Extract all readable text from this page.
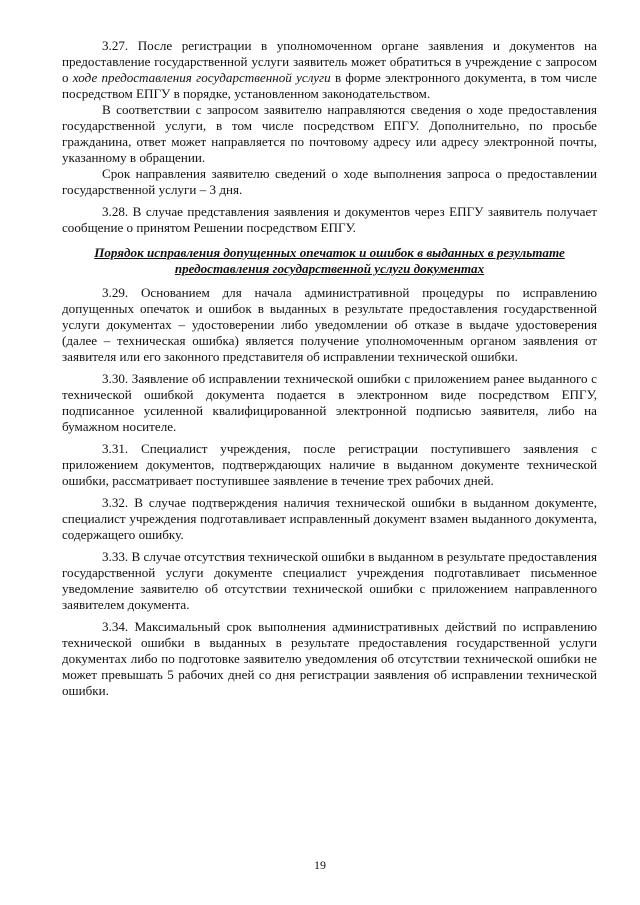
3.27. После регистрации в уполномоченном органе заявления и документов на предоставление государственной услуги заявитель может обратиться в учреждение с запросом о ходе предоставления государственной услуги в форме электронного документа, в том числе посредством ЕПГУ в порядке, установленном законодательством.

В соответствии с запросом заявителю направляются сведения о ходе предоставления государственной услуги, в том числе посредством ЕПГУ. Дополнительно, по просьбе гражданина, ответ может направляется по почтовому адресу или адресу электронной почты, указанному в обращении.

Срок направления заявителю сведений о ходе выполнения запроса о предоставлении государственной услуги – 3 дня.

3.28. В случае представления заявления и документов через ЕПГУ заявитель получает сообщение о принятом Решении посредством ЕПГУ.

Порядок исправления допущенных опечаток и ошибок в выданных в результате предоставления государственной услуги документах

3.29. Основанием для начала административной процедуры по исправлению допущенных опечаток и ошибок в выданных в результате предоставления государственной услуги документах – удостоверении либо уведомлении об отказе в выдаче удостоверения (далее – техническая ошибка) является получение уполномоченным органом заявления от заявителя или его законного представителя об исправлении технической ошибки.

3.30. Заявление об исправлении технической ошибки с приложением ранее выданного с технической ошибкой документа подается в электронном виде посредством ЕПГУ, подписанное усиленной квалифицированной электронной подписью заявителя, либо на бумажном носителе.

3.31. Специалист учреждения, после регистрации поступившего заявления с приложением документов, подтверждающих наличие в выданном документе технической ошибки, рассматривает поступившее заявление в течение трех рабочих дней.

3.32. В случае подтверждения наличия технической ошибки в выданном документе, специалист учреждения подготавливает исправленный документ взамен выданного документа, содержащего ошибку.

3.33. В случае отсутствия технической ошибки в выданном в результате предоставления государственной услуги документе специалист учреждения подготавливает письменное уведомление заявителю об отсутствии технической ошибки с приложением направленного заявителем документа.

3.34. Максимальный срок выполнения административных действий по исправлению технической ошибки в выданных в результате предоставления государственной услуги документах либо по подготовке заявителю уведомления об отсутствии технической ошибки не может превышать 5 рабочих дней со дня регистрации заявления об исправлении технической ошибки.

19
